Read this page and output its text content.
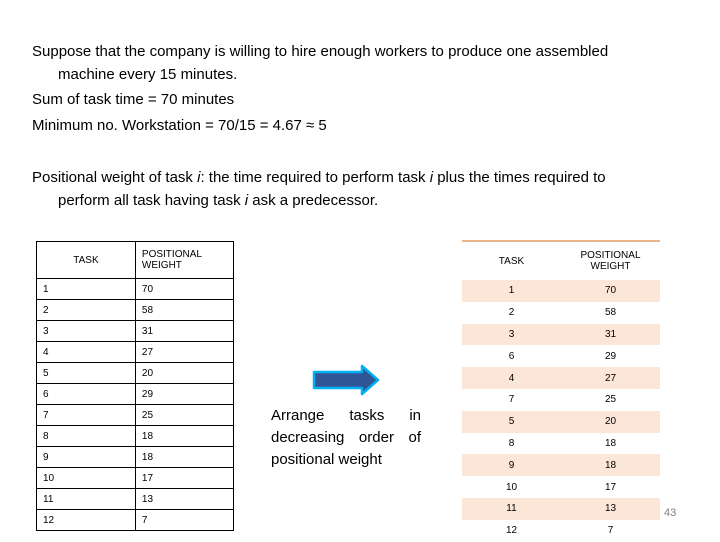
Suppose that the company is willing to hire enough workers to produce one assembled
machine every 15 minutes.

Sum of task time = 70 minutes

Minimum no. Workstation = 70/15 = 4.67 ≈ 5

Positional weight of task i: the time required to perform task i plus the times required to
perform all task having task i ask a predecessor.

TASK	POSITIONAL WEIGHT
1	70
2	58
3	31
4	27
5	20
6	29
7	25
8	18
9	18
10	17
11	13
12	7
Arrange tasks in decreasing order of positional weight
TASK	POSITIONAL WEIGHT
1	70
2	58
3	31
6	29
4	27
7	25
5	20
8	18
9	18
10	17
11	13
12	7
43
